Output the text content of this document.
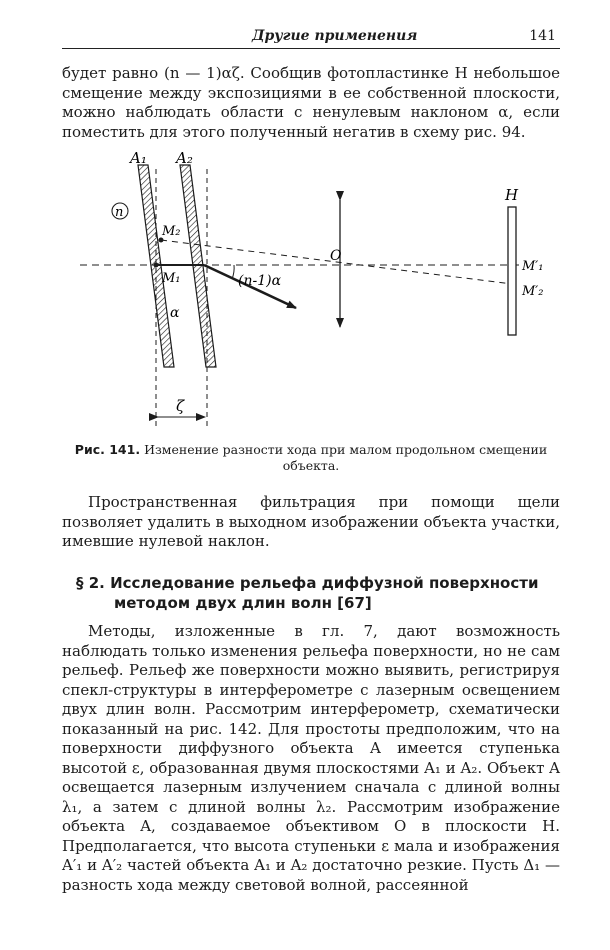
Другие применения	141

будет равно (n — 1)αζ. Сообщив фотопластинке H небольшое смещение между экспозициями в ее собственной плоскости, можно наблюдать области с ненулевым наклоном α, если поместить для этого полученный негатив в схему рис. 94.

A₁ A₂
n
M₂
M₁
α
(n-1)α
O
H
M′₁
M′₂
ζ
Рис. 141. Изменение разности хода при малом продольном смещении объекта.

Пространственная фильтрация при помощи щели позволяет удалить в выходном изображении объекта участки, имевшие нулевой наклон.

§ 2. Исследование рельефа диффузной поверхности
методом двух длин волн [67]

Методы, изложенные в гл. 7, дают возможность наблюдать только изменения рельефа поверхности, но не сам рельеф. Рельеф же поверхности можно выявить, регистрируя спекл-структуры в интерферометре с лазерным освещением двух длин волн. Рассмотрим интерферометр, схематически показанный на рис. 142. Для простоты предположим, что на поверхности диффузного объекта A имеется ступенька высотой ε, образованная двумя плоскостями A₁ и A₂. Объект A освещается лазерным излучением сначала с длиной волны λ₁, а затем с длиной волны λ₂. Рассмотрим изображение объекта A, создаваемое объективом O в плоскости H. Предполагается, что высота ступеньки ε мала и изображения A′₁ и A′₂ частей объекта A₁ и A₂ достаточно резкие. Пусть Δ₁ — разность хода между световой волной, рассеянной
